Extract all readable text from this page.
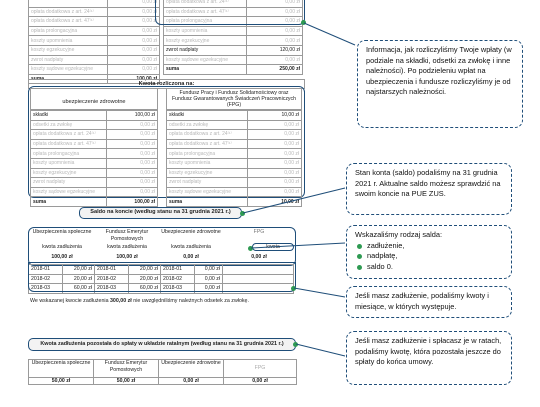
	0,00 zł
opłata dodatkowa z art. 24⁽¹⁾	0,00 zł
opłata dodatkowa z art. 47⁽¹⁾	0,00 zł
opłata prolongacyjna	0,00 zł
koszty upomnienia	0,00 zł
koszty egzekucyjne	0,00 zł
zwrot nadpłaty	0,00 zł
koszty sądowe egzekucyjne	0,00 zł
suma	100,00 zł
opłata dodatkowa z art. 24⁽¹⁾	0,00 zł
opłata dodatkowa z art. 47⁽¹⁾	0,00 zł
opłata prolongacyjna	0,00 zł
koszty upomnienia	0,00 zł
koszty egzekucyjne	0,00 zł
zwrot nadpłaty	120,00 zł
koszty sądowe egzekucyjne	0,00 zł
suma	250,00 zł
Kwota rozliczona na:
ubezpieczenie zdrowotne
Fundusz Pracy i Fundusz Solidarnościowy oraz Fundusz Gwarantowanych Świadczeń Pracowniczych (FPG)
składki	100,00 zł
odsetki za zwłokę	0,00 zł
opłata dodatkowa z art. 24⁽¹⁾	0,00 zł
opłata dodatkowa z art. 47⁽¹⁾	0,00 zł
opłata prolongacyjna	0,00 zł
koszty upomnienia	0,00 zł
koszty egzekucyjne	0,00 zł
zwrot nadpłaty	0,00 zł
koszty sądowe egzekucyjne	0,00 zł
suma	100,00 zł
składki	10,00 zł
odsetki za zwłokę	0,00 zł
opłata dodatkowa z art. 24⁽¹⁾	0,00 zł
opłata dodatkowa z art. 47⁽¹⁾	0,00 zł
opłata prolongacyjna	0,00 zł
koszty upomnienia	0,00 zł
koszty egzekucyjne	0,00 zł
zwrot nadpłaty	0,00 zł
koszty sądowe egzekucyjne	0,00 zł
suma	10,00 zł
Saldo na koncie (według stanu na 31 grudnia 2021 r.)
Ubezpieczenia społeczne	Fundusz Emerytur Pomostowych
Ubezpieczenie zdrowotne	FPG
kwota zadłużenia	kwota zadłużenia	kwota zadłużenia	kwota
100,00 zł	100,00 zł	0,00 zł	0,00 zł
2018-01	20,00 zł	2018-01	20,00 zł	2018-01	0,00 zł	
2018-02	20,00 zł	2018-02	20,00 zł	2018-02	0,00 zł	
2018-03	60,00 zł	2018-03	60,00 zł	2018-03	0,00 zł	
We wskazanej kwocie zadłużenia 300,00 zł nie uwzględniliśmy należnych odsetek za zwłokę.
Kwota zadłużenia pozostała do spłaty w układzie ratalnym (według stanu na 31 grudnia 2021 r.)
Ubezpieczenia społeczne	Fundusz Emerytur Pomostowych
Ubezpieczenie zdrowotne
FPG
50,00 zł	50,00 zł	0,00 zł	0,00 zł
Informacja, jak rozliczyliśmy Twoje wpłaty (w podziale na składki, odsetki za zwłokę i inne należności). Po podzieleniu wpłat na ubezpieczenia i fundusze rozliczyliśmy je od najstarszych należności.
Stan konta (saldo) podaliśmy na 31 grudnia 2021 r. Aktualne saldo możesz sprawdzić na swoim koncie na PUE ZUS.
Wskazaliśmy rodzaj salda:
zadłużenie,
nadpłatę,
saldo 0.
Jeśli masz zadłużenie, podaliśmy kwoty i miesiące, w których występuje.
Jeśli masz zadłużenie i spłacasz je w ratach, podaliśmy kwotę, która pozostała jeszcze do spłaty do końca umowy.
